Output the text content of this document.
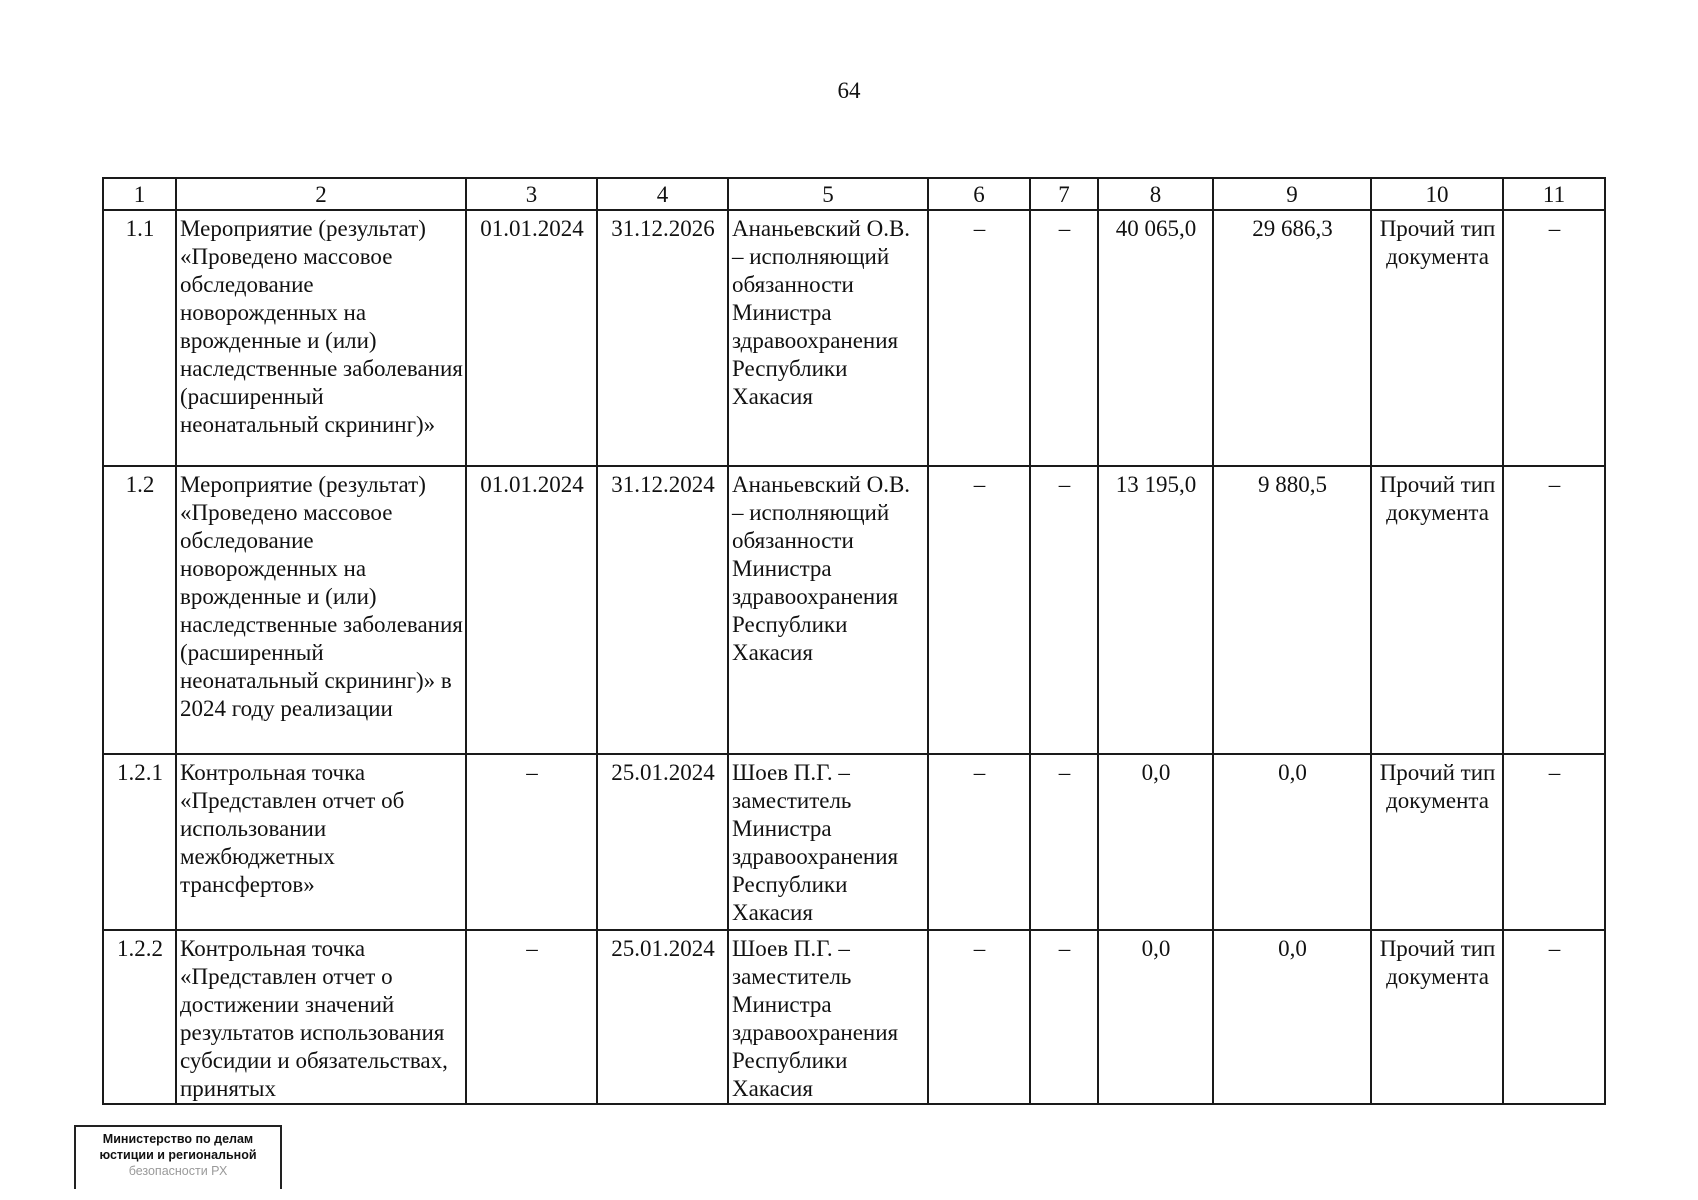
64
1	2	3	4	5	6	7	8	9	10	11
1.1	Мероприятие (результат) «Проведено массовое обследование новорожденных на врожденные и (или) наследственные заболевания (расширенный неонатальный скрининг)»	01.01.2024	31.12.2026	Ананьевский О.В. – исполняющий обязанности Министра здравоохранения Республики Хакасия	–	–	40 065,0	29 686,3	Прочий тип документа	–
1.2	Мероприятие (результат) «Проведено массовое обследование новорожденных на врожденные и (или) наследственные заболевания (расширенный неонатальный скрининг)» в 2024 году реализации	01.01.2024	31.12.2024	Ананьевский О.В. – исполняющий обязанности Министра здравоохранения Республики Хакасия	–	–	13 195,0	9 880,5	Прочий тип документа	–
1.2.1	Контрольная точка «Представлен отчет об использовании межбюджетных трансфертов»	–	25.01.2024	Шоев П.Г. – заместитель Министра здравоохранения Республики Хакасия	–	–	0,0	0,0	Прочий тип документа	–
1.2.2	Контрольная точка «Представлен отчет о достижении значений результатов использования субсидии и обязательствах, принятых	–	25.01.2024	Шоев П.Г. – заместитель Министра здравоохранения Республики Хакасия	–	–	0,0	0,0	Прочий тип документа	–
Министерство по делам
юстиции и региональной
безопасности РХ
